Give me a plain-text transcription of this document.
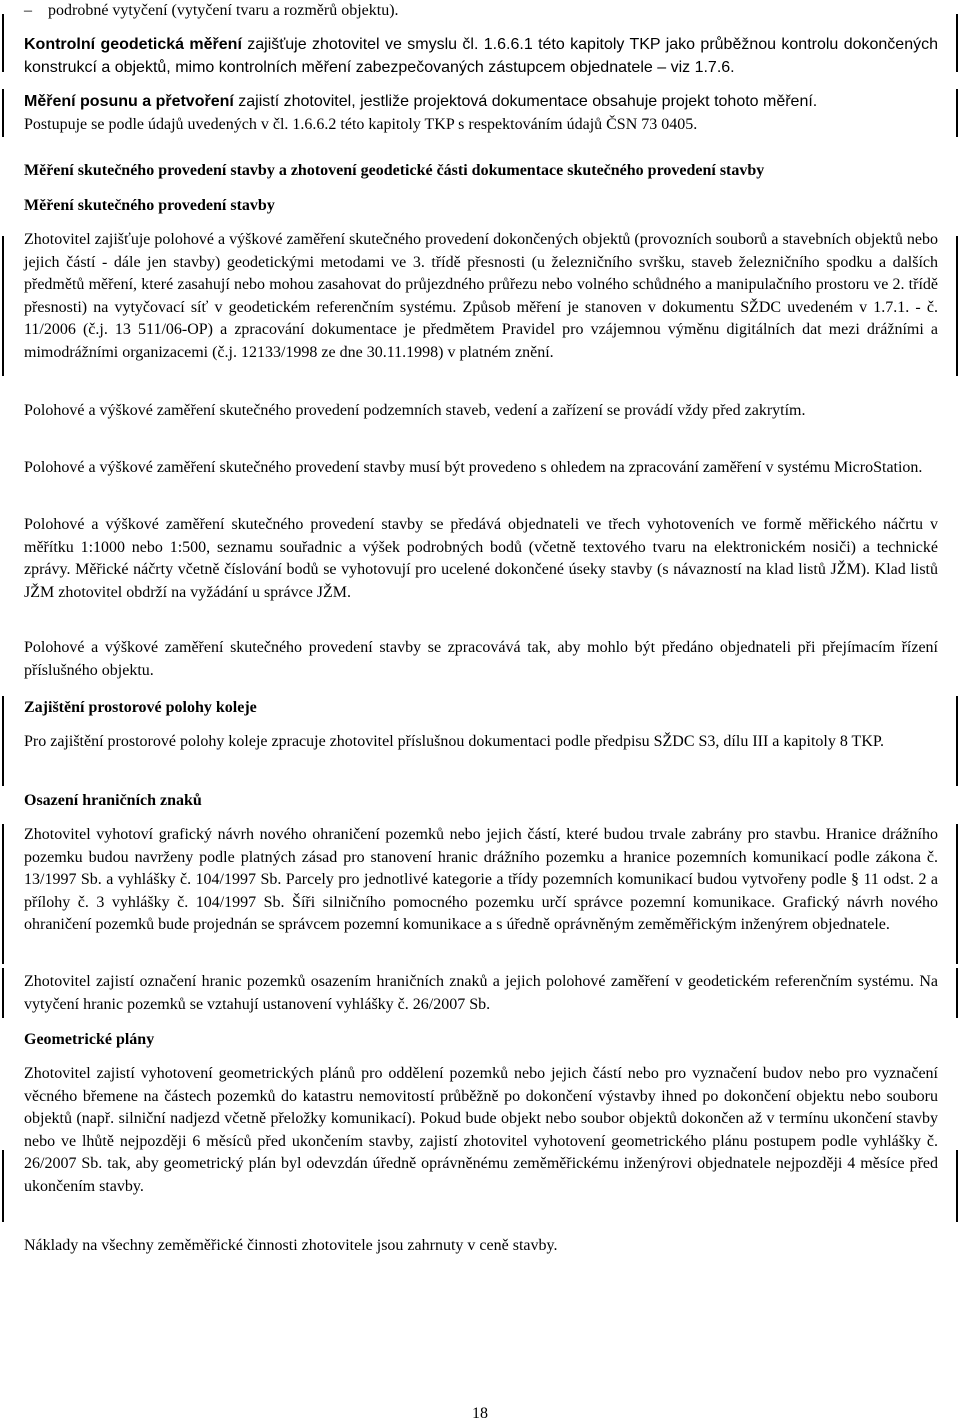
– podrobné vytyčení (vytyčení tvaru a rozměrů objektu).

Kontrolní geodetická měření zajišťuje zhotovitel ve smyslu čl. 1.6.6.1 této kapitoly TKP jako průběžnou kontrolu dokončených konstrukcí a objektů, mimo kontrolních měření zabezpečovaných zástupcem objednatele – viz 1.7.6.

Měření posunu a přetvoření zajistí zhotovitel, jestliže projektová dokumentace obsahuje projekt tohoto měření.

Postupuje se podle údajů uvedených v čl. 1.6.6.2 této kapitoly TKP s respektováním údajů ČSN 73 0405.

Měření skutečného provedení stavby a zhotovení geodetické části dokumentace skutečného provedení stavby
Měření skutečného provedení stavby

Zhotovitel zajišťuje polohové a výškové zaměření skutečného provedení dokončených objektů (provozních souborů a stavebních objektů nebo jejich částí - dále jen stavby) geodetickými metodami ve 3. třídě přesnosti (u železničního svršku, staveb železničního spodku a dalších předmětů měření, které zasahují nebo mohou zasahovat do průjezdného průřezu nebo volného schůdného a manipulačního prostoru ve 2. třídě přesnosti) na vytyčovací síť v geodetickém referenčním systému. Způsob měření je stanoven v dokumentu SŽDC uvedeném v 1.7.1. - č. 11/2006 (č.j. 13 511/06-OP) a zpracování dokumentace je předmětem Pravidel pro vzájemnou výměnu digitálních dat mezi drážními a mimodrážními organizacemi (č.j. 12133/1998 ze dne 30.11.1998) v platném znění.

Polohové a výškové zaměření skutečného provedení podzemních staveb, vedení a zařízení se provádí vždy před zakrytím.

Polohové a výškové zaměření skutečného provedení stavby musí být provedeno s ohledem na zpracování zaměření v systému MicroStation.

Polohové a výškové zaměření skutečného provedení stavby se předává objednateli ve třech vyhotoveních ve formě měřického náčrtu v měřítku 1:1000 nebo 1:500, seznamu souřadnic a výšek podrobných bodů (včetně textového tvaru na elektronickém nosiči) a technické zprávy. Měřické náčrty včetně číslování bodů se vyhotovují pro ucelené dokončené úseky stavby (s návazností na klad listů JŽM). Klad listů JŽM zhotovitel obdrží na vyžádání u správce JŽM.

Polohové a výškové zaměření skutečného provedení stavby se zpracovává tak, aby mohlo být předáno objednateli při přejímacím řízení příslušného objektu.

Zajištění prostorové polohy koleje

Pro zajištění prostorové polohy koleje zpracuje zhotovitel příslušnou dokumentaci podle předpisu SŽDC S3, dílu III a kapitoly 8 TKP.

Osazení hraničních znaků

Zhotovitel vyhotoví grafický návrh nového ohraničení pozemků nebo jejich částí, které budou trvale zabrány pro stavbu. Hranice drážního pozemku budou navrženy podle platných zásad pro stanovení hranic drážního pozemku a hranice pozemních komunikací podle zákona č. 13/1997 Sb. a vyhlášky č. 104/1997 Sb. Parcely pro jednotlivé kategorie a třídy pozemních komunikací budou vytvořeny podle § 11 odst. 2 a přílohy č. 3 vyhlášky č. 104/1997 Sb. Šíři silničního pomocného pozemku určí správce pozemní komunikace. Grafický návrh nového ohraničení pozemků bude projednán se správcem pozemní komunikace a s úředně oprávněným zeměměřickým inženýrem objednatele.

Zhotovitel zajistí označení hranic pozemků osazením hraničních znaků a jejich polohové zaměření v geodetickém referenčním systému. Na vytyčení hranic pozemků se vztahují ustanovení vyhlášky č. 26/2007 Sb.

Geometrické plány

Zhotovitel zajistí vyhotovení geometrických plánů pro oddělení pozemků nebo jejich částí nebo pro vyznačení budov nebo pro vyznačení věcného břemene na částech pozemků do katastru nemovitostí průběžně po dokončení výstavby ihned po dokončení objektu nebo souboru objektů (např. silniční nadjezd včetně přeložky komunikací). Pokud bude objekt nebo soubor objektů dokončen až v termínu ukončení stavby nebo ve lhůtě nejpozději 6 měsíců před ukončením stavby, zajistí zhotovitel vyhotovení geometrického plánu postupem podle vyhlášky č. 26/2007 Sb. tak, aby geometrický plán byl odevzdán úředně oprávněnému zeměměřickému inženýrovi objednatele nejpozději 4 měsíce před ukončením stavby.

Náklady na všechny zeměměřické činnosti zhotovitele jsou zahrnuty v ceně stavby.

18
